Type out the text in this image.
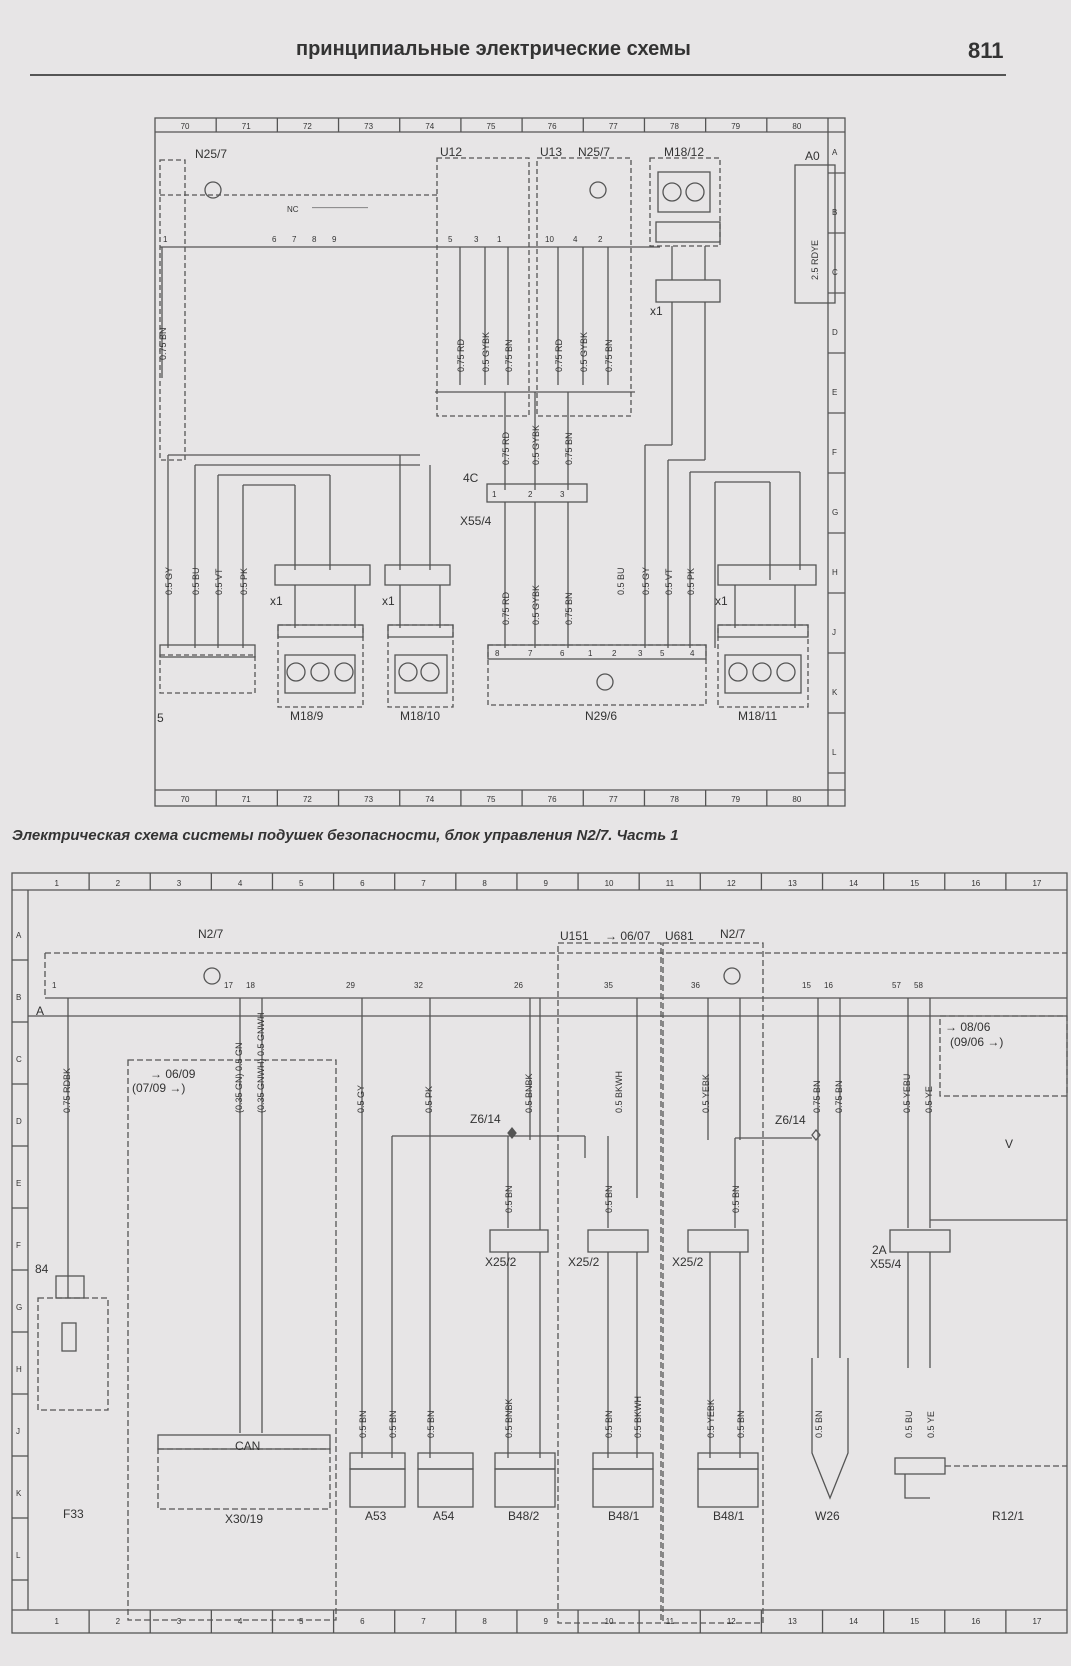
принципиальные электрические схемы	811
70
70
71
71
72
72
73
73
74
74
75
75
76
76
77
77
78
78
79
79
80
80
A
B
C
D
E
F
G
H
J
K
L
N25/7	U12	U13 N25/7	M18/12	A0
2.5 RDYE
NC ———————
M18/9	M18/10	N29/6	M18/11
X55/4
4C
x1	x1
x1
x1
5
0.75 BN	0.75 RD 0.5 GYBK 0.75 BN	0.75 RD 0.5 GYBK 0.75 BN
0.75 RD 0.5 GYBK	0.75 BN
0.75 RD 0.5 GYBK	0.75 BN
0.5 GY 0.5 BU 0.5 VT 0.5 PK	0.5 BU 0.5 GY 0.5 VT 0.5 PK
1	6 7 8 9	5	3 1	10 4	2
8	7	6	1 2	3 5	4
1	2	3
Электрическая схема системы подушек безопасности, блок управления N2/7. Часть 1
1
1
2
2
3
3
4
4
5
5
6
6
7
7
8
8
9
9
10
10
11
11
12
12
13
13
14
14
15
15
16
16
17
17
A
B
C
D
E
F
G
H
J
K
L
N2/7	N2/7
U151 → 06/07 U681
→ 06/09
(07/09 →)
→ 08/06
(09/06 →)
CAN
X30/19
F33
84
A53	A54	B48/2	B48/1	B48/1	W26	R12/1
Z6/14	Z6/14
X25/2	X25/2	X25/2	X55/4
2A
A
V
1	17 18	29	32	26	35	36	15 16	57 58
0.75 RDBK	(0.35 GN) 0.5 GN (0.35 GNWH) 0.5 GNWH	0.5 GY	0.5 PK	0.5 BNBK	0.5 BKWH	0.5 YEBK	0.75 BN 0.75 BN	0.5 YEBU 0.5 YE
0.5 BN	0.5 BN
0.5 BN	0.5 BNBK	0.5 BN 0.5 BKWH	0.5 YEBK 0.5 BN	0.5 BN	0.5 BU 0.5 YE
0.5 BN	0.5 BN	0.5 BN
